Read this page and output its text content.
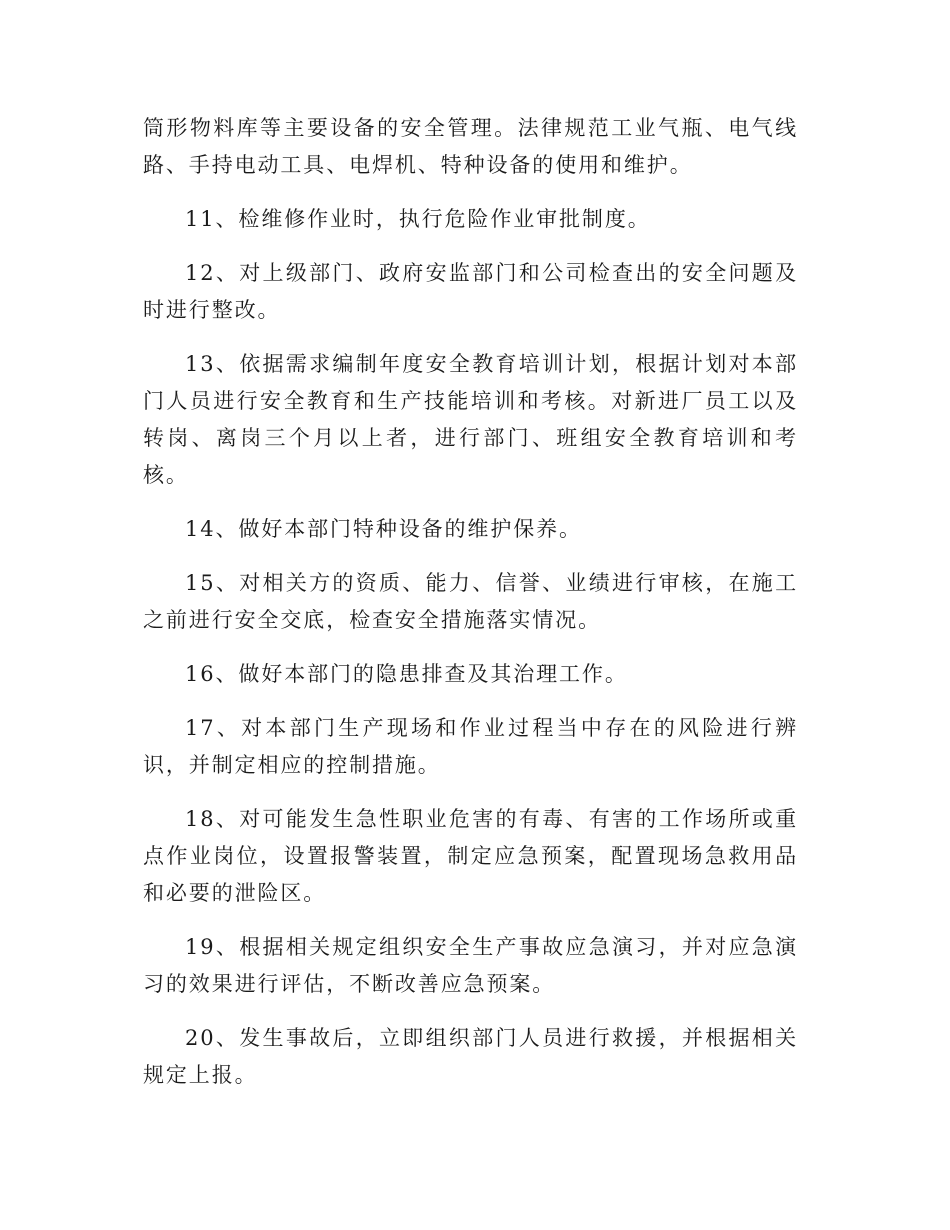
筒形物料库等主要设备的安全管理。法律规范工业气瓶、电气线路、手持电动工具、电焊机、特种设备的使用和维护。

11、检维修作业时，执行危险作业审批制度。

12、对上级部门、政府安监部门和公司检查出的安全问题及时进行整改。

13、依据需求编制年度安全教育培训计划，根据计划对本部门人员进行安全教育和生产技能培训和考核。对新进厂员工以及转岗、离岗三个月以上者，进行部门、班组安全教育培训和考核。

14、做好本部门特种设备的维护保养。

15、对相关方的资质、能力、信誉、业绩进行审核，在施工之前进行安全交底，检查安全措施落实情况。

16、做好本部门的隐患排查及其治理工作。

17、对本部门生产现场和作业过程当中存在的风险进行辨识，并制定相应的控制措施。

18、对可能发生急性职业危害的有毒、有害的工作场所或重点作业岗位，设置报警装置，制定应急预案，配置现场急救用品和必要的泄险区。

19、根据相关规定组织安全生产事故应急演习，并对应急演习的效果进行评估，不断改善应急预案。

20、发生事故后，立即组织部门人员进行救援，并根据相关规定上报。
